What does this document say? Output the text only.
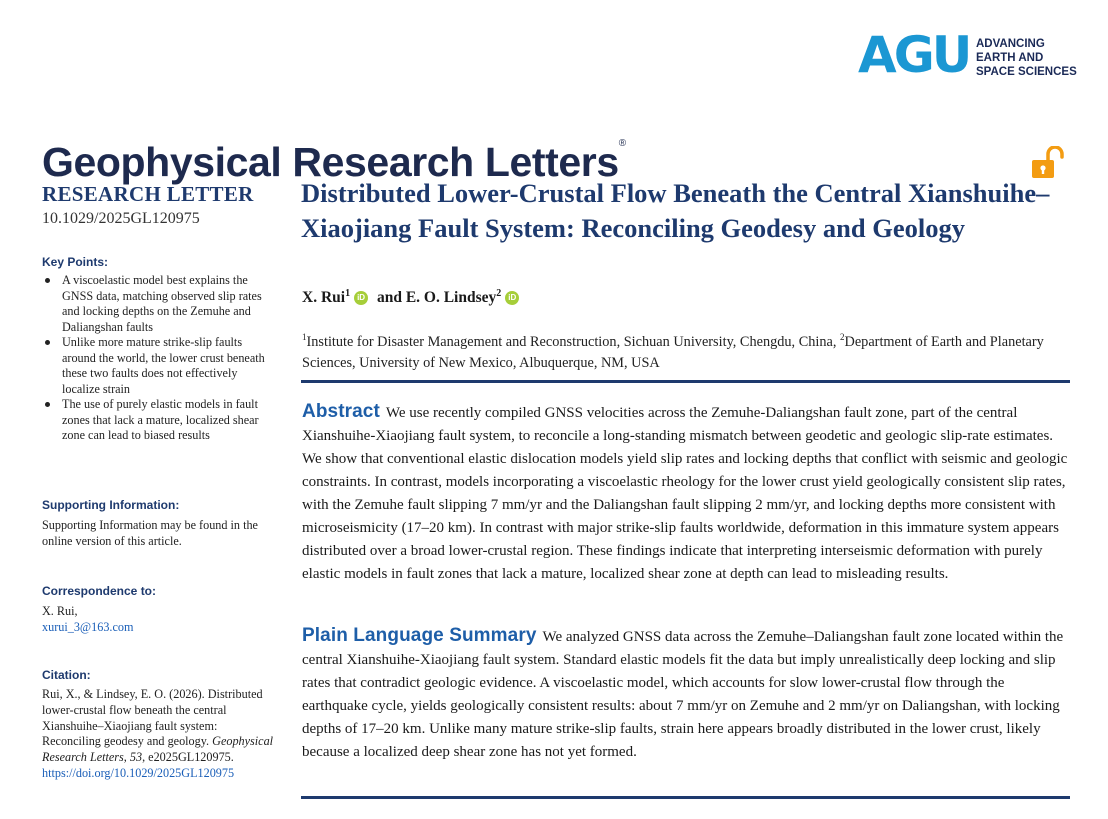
AGU ADVANCING
EARTH AND
SPACE SCIENCES
Geophysical Research Letters®
RESEARCH LETTER
10.1029/2025GL120975
Key Points:
A viscoelastic model best explains the GNSS data, matching observed slip rates and locking depths on the Zemuhe and Daliangshan faults
Unlike more mature strike-slip faults around the world, the lower crust beneath these two faults does not effectively localize strain
The use of purely elastic models in fault zones that lack a mature, localized shear zone can lead to biased results
Supporting Information:
Supporting Information may be found in the online version of this article.
Correspondence to:
X. Rui,
xurui_3@163.com
Citation:
Rui, X., & Lindsey, E. O. (2026). Distributed lower-crustal flow beneath the central Xianshuihe–Xiaojiang fault system: Reconciling geodesy and geology. Geophysical Research Letters, 53, e2025GL120975. https://doi.org/10.1029/2025GL120975
Distributed Lower-Crustal Flow Beneath the Central Xianshuihe–Xiaojiang Fault System: Reconciling Geodesy and Geology
X. Rui$^1$ iD and E. O. Lindsey$^2$ iD
$^1$Institute for Disaster Management and Reconstruction, Sichuan University, Chengdu, China, $^2$Department of Earth and Planetary Sciences, University of New Mexico, Albuquerque, NM, USA
Abstract We use recently compiled GNSS velocities across the Zemuhe-Daliangshan fault zone, part of the central Xianshuihe-Xiaojiang fault system, to reconcile a long-standing mismatch between geodetic and geologic slip-rate estimates. We show that conventional elastic dislocation models yield slip rates and locking depths that conflict with seismic and geologic constraints. In contrast, models incorporating a viscoelastic rheology for the lower crust yield geologically consistent slip rates, with the Zemuhe fault slipping 7 mm/yr and the Daliangshan fault slipping 2 mm/yr, and locking depths more consistent with microseismicity (17–20 km). In contrast with major strike-slip faults worldwide, deformation in this immature system appears distributed over a broad lower-crustal region. These findings indicate that interpreting interseismic deformation with purely elastic models in fault zones that lack a mature, localized shear zone at depth can lead to misleading results.
Plain Language Summary We analyzed GNSS data across the Zemuhe–Daliangshan fault zone located within the central Xianshuihe-Xiaojiang fault system. Standard elastic models fit the data but imply unrealistically deep locking and slip rates that contradict geologic evidence. A viscoelastic model, which accounts for slow lower-crustal flow through the earthquake cycle, yields geologically consistent results: about 7 mm/yr on Zemuhe and 2 mm/yr on Daliangshan, with locking depths of 17–20 km. Unlike many mature strike-slip faults, strain here appears broadly distributed in the lower crust, likely because a localized deep shear zone has not yet formed.
